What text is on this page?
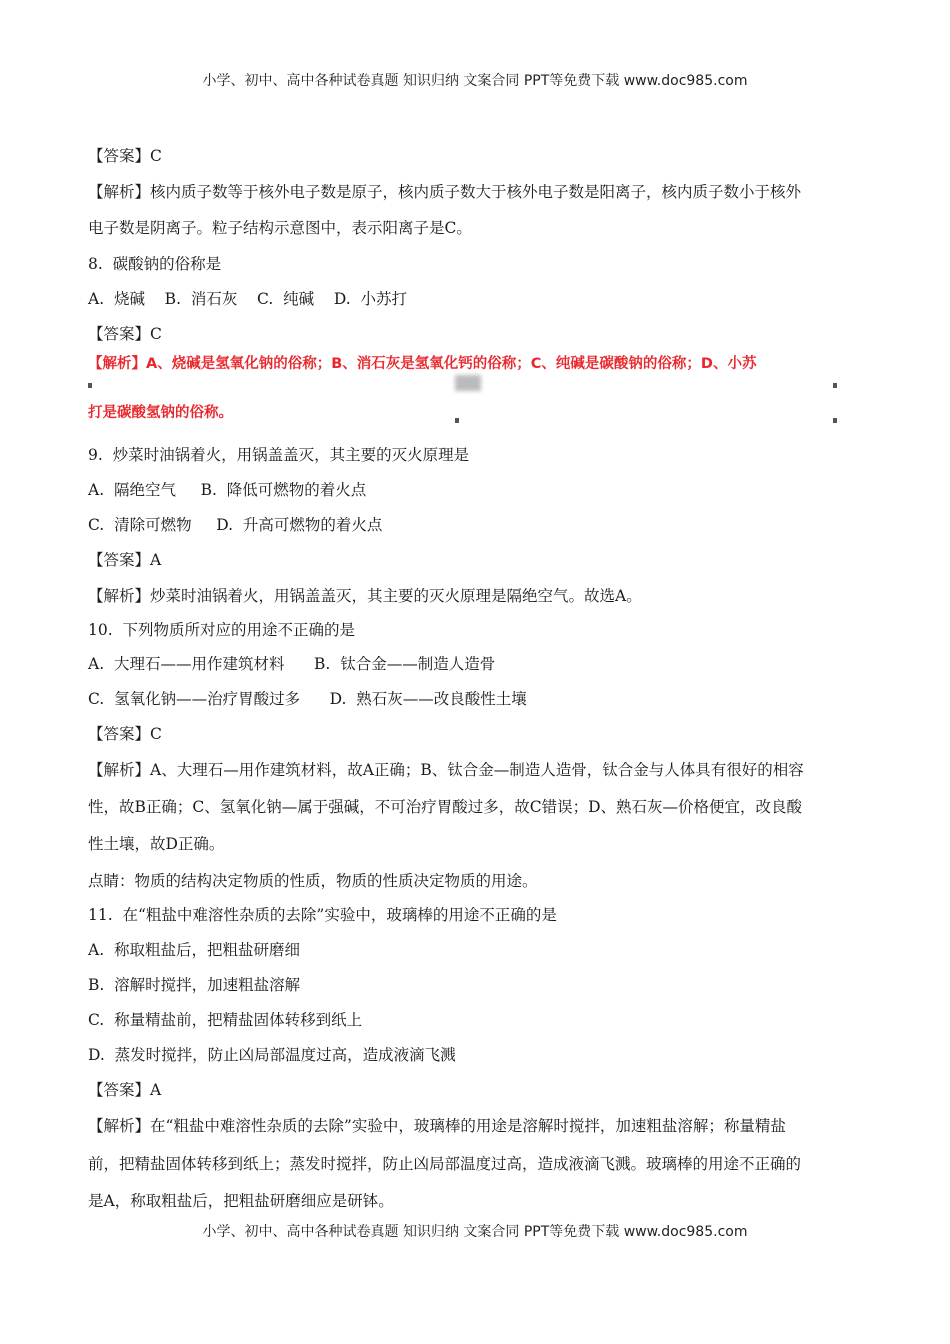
小学、初中、高中各种试卷真题 知识归纳 文案合同 PPT等免费下载 www.doc985.com
【答案】C
【解析】核内质子数等于核外电子数是原子，核内质子数大于核外电子数是阳离子，核内质子数小于核外
电子数是阴离子。粒子结构示意图中，表示阳离子是C。
8.  碳酸钠的俗称是
A.  烧碱    B.  消石灰    C.  纯碱    D.  小苏打
【答案】C
【解析】A、烧碱是氢氧化钠的俗称；B、消石灰是氢氧化钙的俗称；C、纯碱是碳酸钠的俗称；D、小苏
打是碳酸氢钠的俗称。
9.  炒菜时油锅着火，用锅盖盖灭，其主要的灭火原理是
A.  隔绝空气     B.  降低可燃物的着火点
C.  清除可燃物     D.  升高可燃物的着火点
【答案】A
【解析】炒菜时油锅着火，用锅盖盖灭，其主要的灭火原理是隔绝空气。故选A。
10.  下列物质所对应的用途不正确的是
A.  大理石——用作建筑材料      B.  钛合金——制造人造骨
C.  氢氧化钠——治疗胃酸过多      D.  熟石灰——改良酸性土壤
【答案】C
【解析】A、大理石—用作建筑材料，故A正确；B、钛合金—制造人造骨，钛合金与人体具有很好的相容
性，故B正确；C、氢氧化钠—属于强碱，不可治疗胃酸过多，故C错误；D、熟石灰—价格便宜，改良酸
性土壤，故D正确。
点睛：物质的结构决定物质的性质，物质的性质决定物质的用途。
11.  在“粗盐中难溶性杂质的去除”实验中，玻璃棒的用途不正确的是
A.  称取粗盐后，把粗盐研磨细
B.  溶解时搅拌，加速粗盐溶解
C.  称量精盐前，把精盐固体转移到纸上
D.  蒸发时搅拌，防止凶局部温度过高，造成液滴飞溅
【答案】A
【解析】在“粗盐中难溶性杂质的去除”实验中，玻璃棒的用途是溶解时搅拌，加速粗盐溶解；称量精盐
前，把精盐固体转移到纸上；蒸发时搅拌，防止凶局部温度过高，造成液滴飞溅。玻璃棒的用途不正确的
是A，称取粗盐后，把粗盐研磨细应是研钵。
小学、初中、高中各种试卷真题 知识归纳 文案合同 PPT等免费下载 www.doc985.com
